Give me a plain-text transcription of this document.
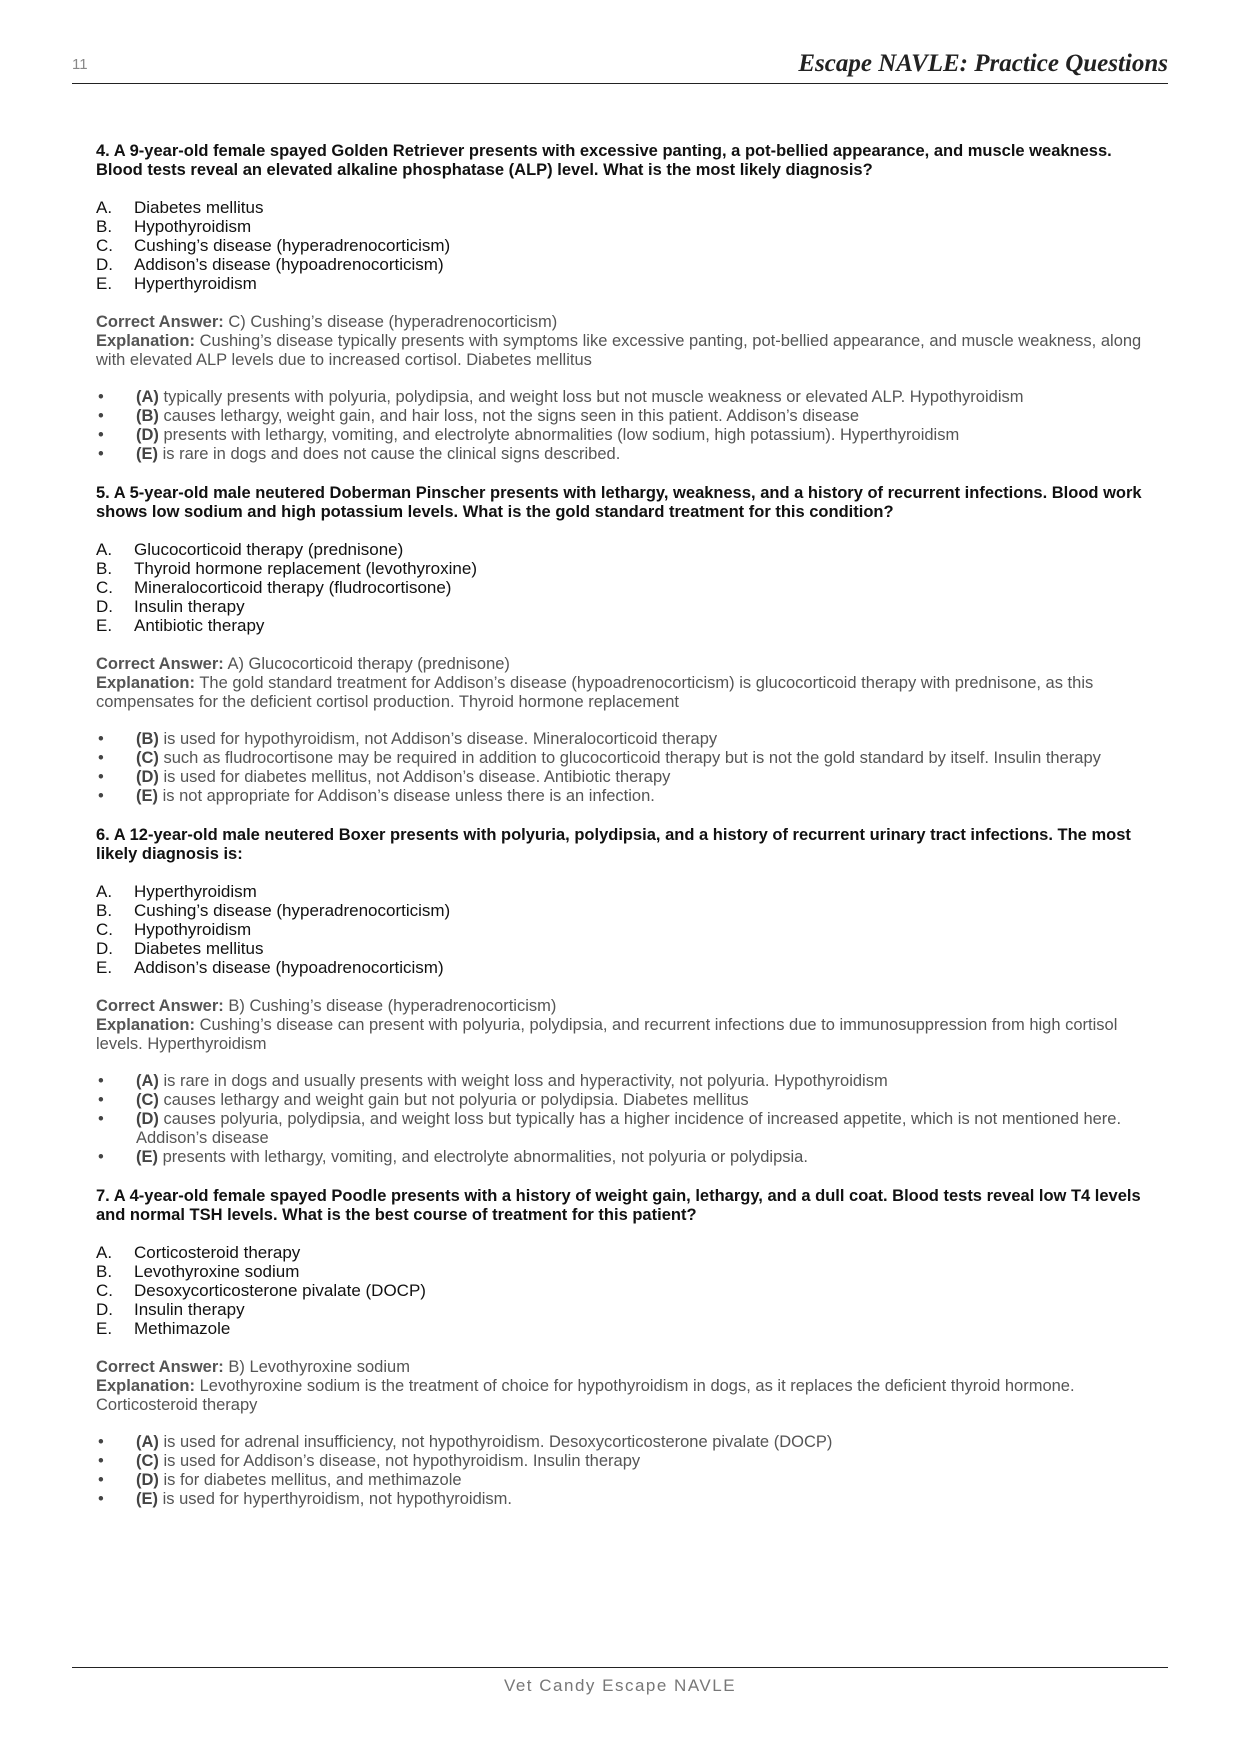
11	Escape NAVLE: Practice Questions

4. A 9-year-old female spayed Golden Retriever presents with excessive panting, a pot-bellied appearance, and muscle weakness. Blood tests reveal an elevated alkaline phosphatase (ALP) level. What is the most likely diagnosis?

A.	Diabetes mellitus
B.	Hypothyroidism
C.	Cushing’s disease (hyperadrenocorticism)
D.	Addison’s disease (hypoadrenocorticism)
E.	Hyperthyroidism

Correct Answer: C) Cushing’s disease (hyperadrenocorticism)

Explanation: Cushing’s disease typically presents with symptoms like excessive panting, pot-bellied appearance, and muscle weakness, along with elevated ALP levels due to increased cortisol. Diabetes mellitus

•	(A) typically presents with polyuria, polydipsia, and weight loss but not muscle weakness or elevated ALP. Hypothyroidism
•	(B) causes lethargy, weight gain, and hair loss, not the signs seen in this patient. Addison’s disease
•	(D) presents with lethargy, vomiting, and electrolyte abnormalities (low sodium, high potassium). Hyperthyroidism
•	(E) is rare in dogs and does not cause the clinical signs described.

5. A 5-year-old male neutered Doberman Pinscher presents with lethargy, weakness, and a history of recurrent infections. Blood work shows low sodium and high potassium levels. What is the gold standard treatment for this condition?

A.	Glucocorticoid therapy (prednisone)
B.	Thyroid hormone replacement (levothyroxine)
C.	Mineralocorticoid therapy (fludrocortisone)
D.	Insulin therapy
E.	Antibiotic therapy

Correct Answer: A) Glucocorticoid therapy (prednisone)

Explanation: The gold standard treatment for Addison’s disease (hypoadrenocorticism) is glucocorticoid therapy with prednisone, as this compensates for the deficient cortisol production. Thyroid hormone replacement

•	(B) is used for hypothyroidism, not Addison’s disease. Mineralocorticoid therapy
•	(C) such as fludrocortisone may be required in addition to glucocorticoid therapy but is not the gold standard by itself. Insulin therapy
•	(D) is used for diabetes mellitus, not Addison’s disease. Antibiotic therapy
•	(E) is not appropriate for Addison’s disease unless there is an infection.

6. A 12-year-old male neutered Boxer presents with polyuria, polydipsia, and a history of recurrent urinary tract infections. The most likely diagnosis is:

A.	Hyperthyroidism
B.	Cushing’s disease (hyperadrenocorticism)
C.	Hypothyroidism
D.	Diabetes mellitus
E.	Addison’s disease (hypoadrenocorticism)

Correct Answer: B) Cushing’s disease (hyperadrenocorticism)

Explanation: Cushing’s disease can present with polyuria, polydipsia, and recurrent infections due to immunosuppression from high cortisol levels. Hyperthyroidism

•	(A) is rare in dogs and usually presents with weight loss and hyperactivity, not polyuria. Hypothyroidism
•	(C) causes lethargy and weight gain but not polyuria or polydipsia. Diabetes mellitus
•	(D) causes polyuria, polydipsia, and weight loss but typically has a higher incidence of increased appetite, which is not mentioned here. Addison’s disease
•	(E) presents with lethargy, vomiting, and electrolyte abnormalities, not polyuria or polydipsia.

7. A 4-year-old female spayed Poodle presents with a history of weight gain, lethargy, and a dull coat. Blood tests reveal low T4 levels and normal TSH levels. What is the best course of treatment for this patient?

A.	Corticosteroid therapy
B.	Levothyroxine sodium
C.	Desoxycorticosterone pivalate (DOCP)
D.	Insulin therapy
E.	Methimazole

Correct Answer: B) Levothyroxine sodium

Explanation: Levothyroxine sodium is the treatment of choice for hypothyroidism in dogs, as it replaces the deficient thyroid hormone. Corticosteroid therapy

•	(A) is used for adrenal insufficiency, not hypothyroidism. Desoxycorticosterone pivalate (DOCP)
•	(C) is used for Addison’s disease, not hypothyroidism. Insulin therapy
•	(D) is for diabetes mellitus, and methimazole
•	(E) is used for hyperthyroidism, not hypothyroidism.
Vet Candy Escape NAVLE
